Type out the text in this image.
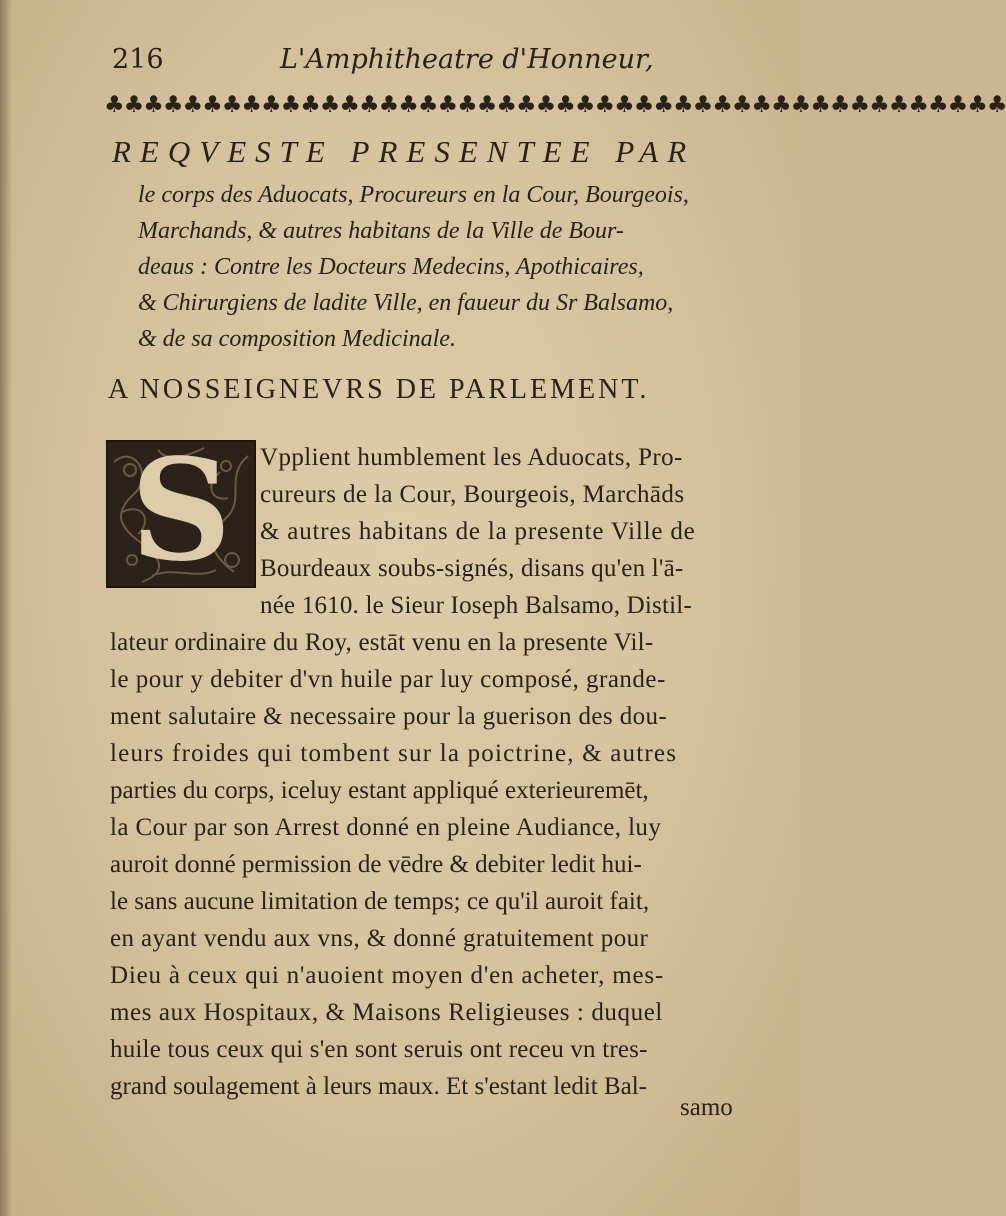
216	L'Amphitheatre d'Honneur,
♣♣♣♣♣♣♣♣♣♣♣♣♣♣♣♣♣♣♣♣♣♣♣♣♣♣♣♣♣♣♣♣♣♣♣♣♣♣♣♣♣♣♣♣♣♣
REQVESTE PRESENTEE PAR
le corps des Aduocats, Procureurs en la Cour, Bourgeois,
Marchands, & autres habitans de la Ville de Bour-
deaus : Contre les Docteurs Medecins, Apothicaires,
& Chirurgiens de ladite Ville, en faueur du Sr Balsamo,
& de sa composition Medicinale.
A NOSSEIGNEVRS DE PARLEMENT.
S	Vpplient humblement les Aduocats, Pro-
cureurs de la Cour, Bourgeois, Marchāds
& autres habitans de la presente Ville de
Bourdeaux soubs-signés, disans qu'en l'ā-
née 1610. le Sieur Ioseph Balsamo, Distil-
lateur ordinaire du Roy, estāt venu en la presente Vil-
le pour y debiter d'vn huile par luy composé, grande-
ment salutaire & necessaire pour la guerison des dou-
leurs froides qui tombent sur la poictrine, & autres
parties du corps, iceluy estant appliqué exterieuremēt,
la Cour par son Arrest donné en pleine Audiance, luy
auroit donné permission de vēdre & debiter ledit hui-
le sans aucune limitation de temps; ce qu'il auroit fait,
en ayant vendu aux vns, & donné gratuitement pour
Dieu à ceux qui n'auoient moyen d'en acheter, mes-
mes aux Hospitaux, & Maisons Religieuses : duquel
huile tous ceux qui s'en sont seruis ont receu vn tres-
grand soulagement à leurs maux. Et s'estant ledit Bal-
samo
